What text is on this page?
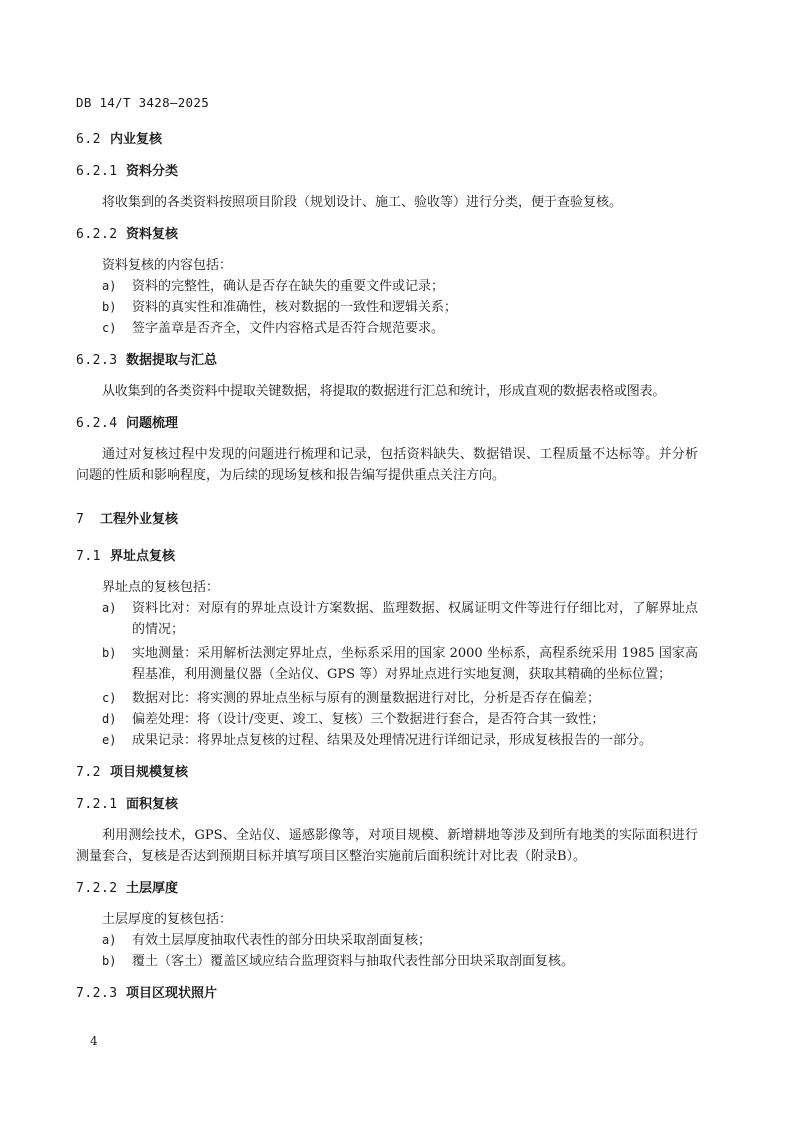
DB 14/T 3428—2025
6.2 内业复核
6.2.1 资料分类
将收集到的各类资料按照项目阶段（规划设计、施工、验收等）进行分类，便于查验复核。
6.2.2 资料复核
资料复核的内容包括：
a) 资料的完整性，确认是否存在缺失的重要文件或记录；
b) 资料的真实性和准确性，核对数据的一致性和逻辑关系；
c) 签字盖章是否齐全，文件内容格式是否符合规范要求。
6.2.3 数据提取与汇总
从收集到的各类资料中提取关键数据，将提取的数据进行汇总和统计，形成直观的数据表格或图表。
6.2.4 问题梳理
通过对复核过程中发现的问题进行梳理和记录，包括资料缺失、数据错误、工程质量不达标等。并分析问题的性质和影响程度，为后续的现场复核和报告编写提供重点关注方向。
7 工程外业复核
7.1 界址点复核
界址点的复核包括：
a) 资料比对：对原有的界址点设计方案数据、监理数据、权属证明文件等进行仔细比对，了解界址点的情况；
b) 实地测量：采用解析法测定界址点，坐标系采用的国家 2000 坐标系，高程系统采用 1985 国家高程基准，利用测量仪器（全站仪、GPS 等）对界址点进行实地复测，获取其精确的坐标位置；
c) 数据对比：将实测的界址点坐标与原有的测量数据进行对比，分析是否存在偏差；
d) 偏差处理：将（设计/变更、竣工、复核）三个数据进行套合，是否符合其一致性；
e) 成果记录：将界址点复核的过程、结果及处理情况进行详细记录，形成复核报告的一部分。
7.2 项目规模复核
7.2.1 面积复核
利用测绘技术，GPS、全站仪、遥感影像等，对项目规模、新增耕地等涉及到所有地类的实际面积进行测量套合，复核是否达到预期目标并填写项目区整治实施前后面积统计对比表（附录B）。
7.2.2 土层厚度
土层厚度的复核包括：
a) 有效土层厚度抽取代表性的部分田块采取剖面复核；
b) 覆土（客土）覆盖区域应结合监理资料与抽取代表性部分田块采取剖面复核。
7.2.3 项目区现状照片
4
